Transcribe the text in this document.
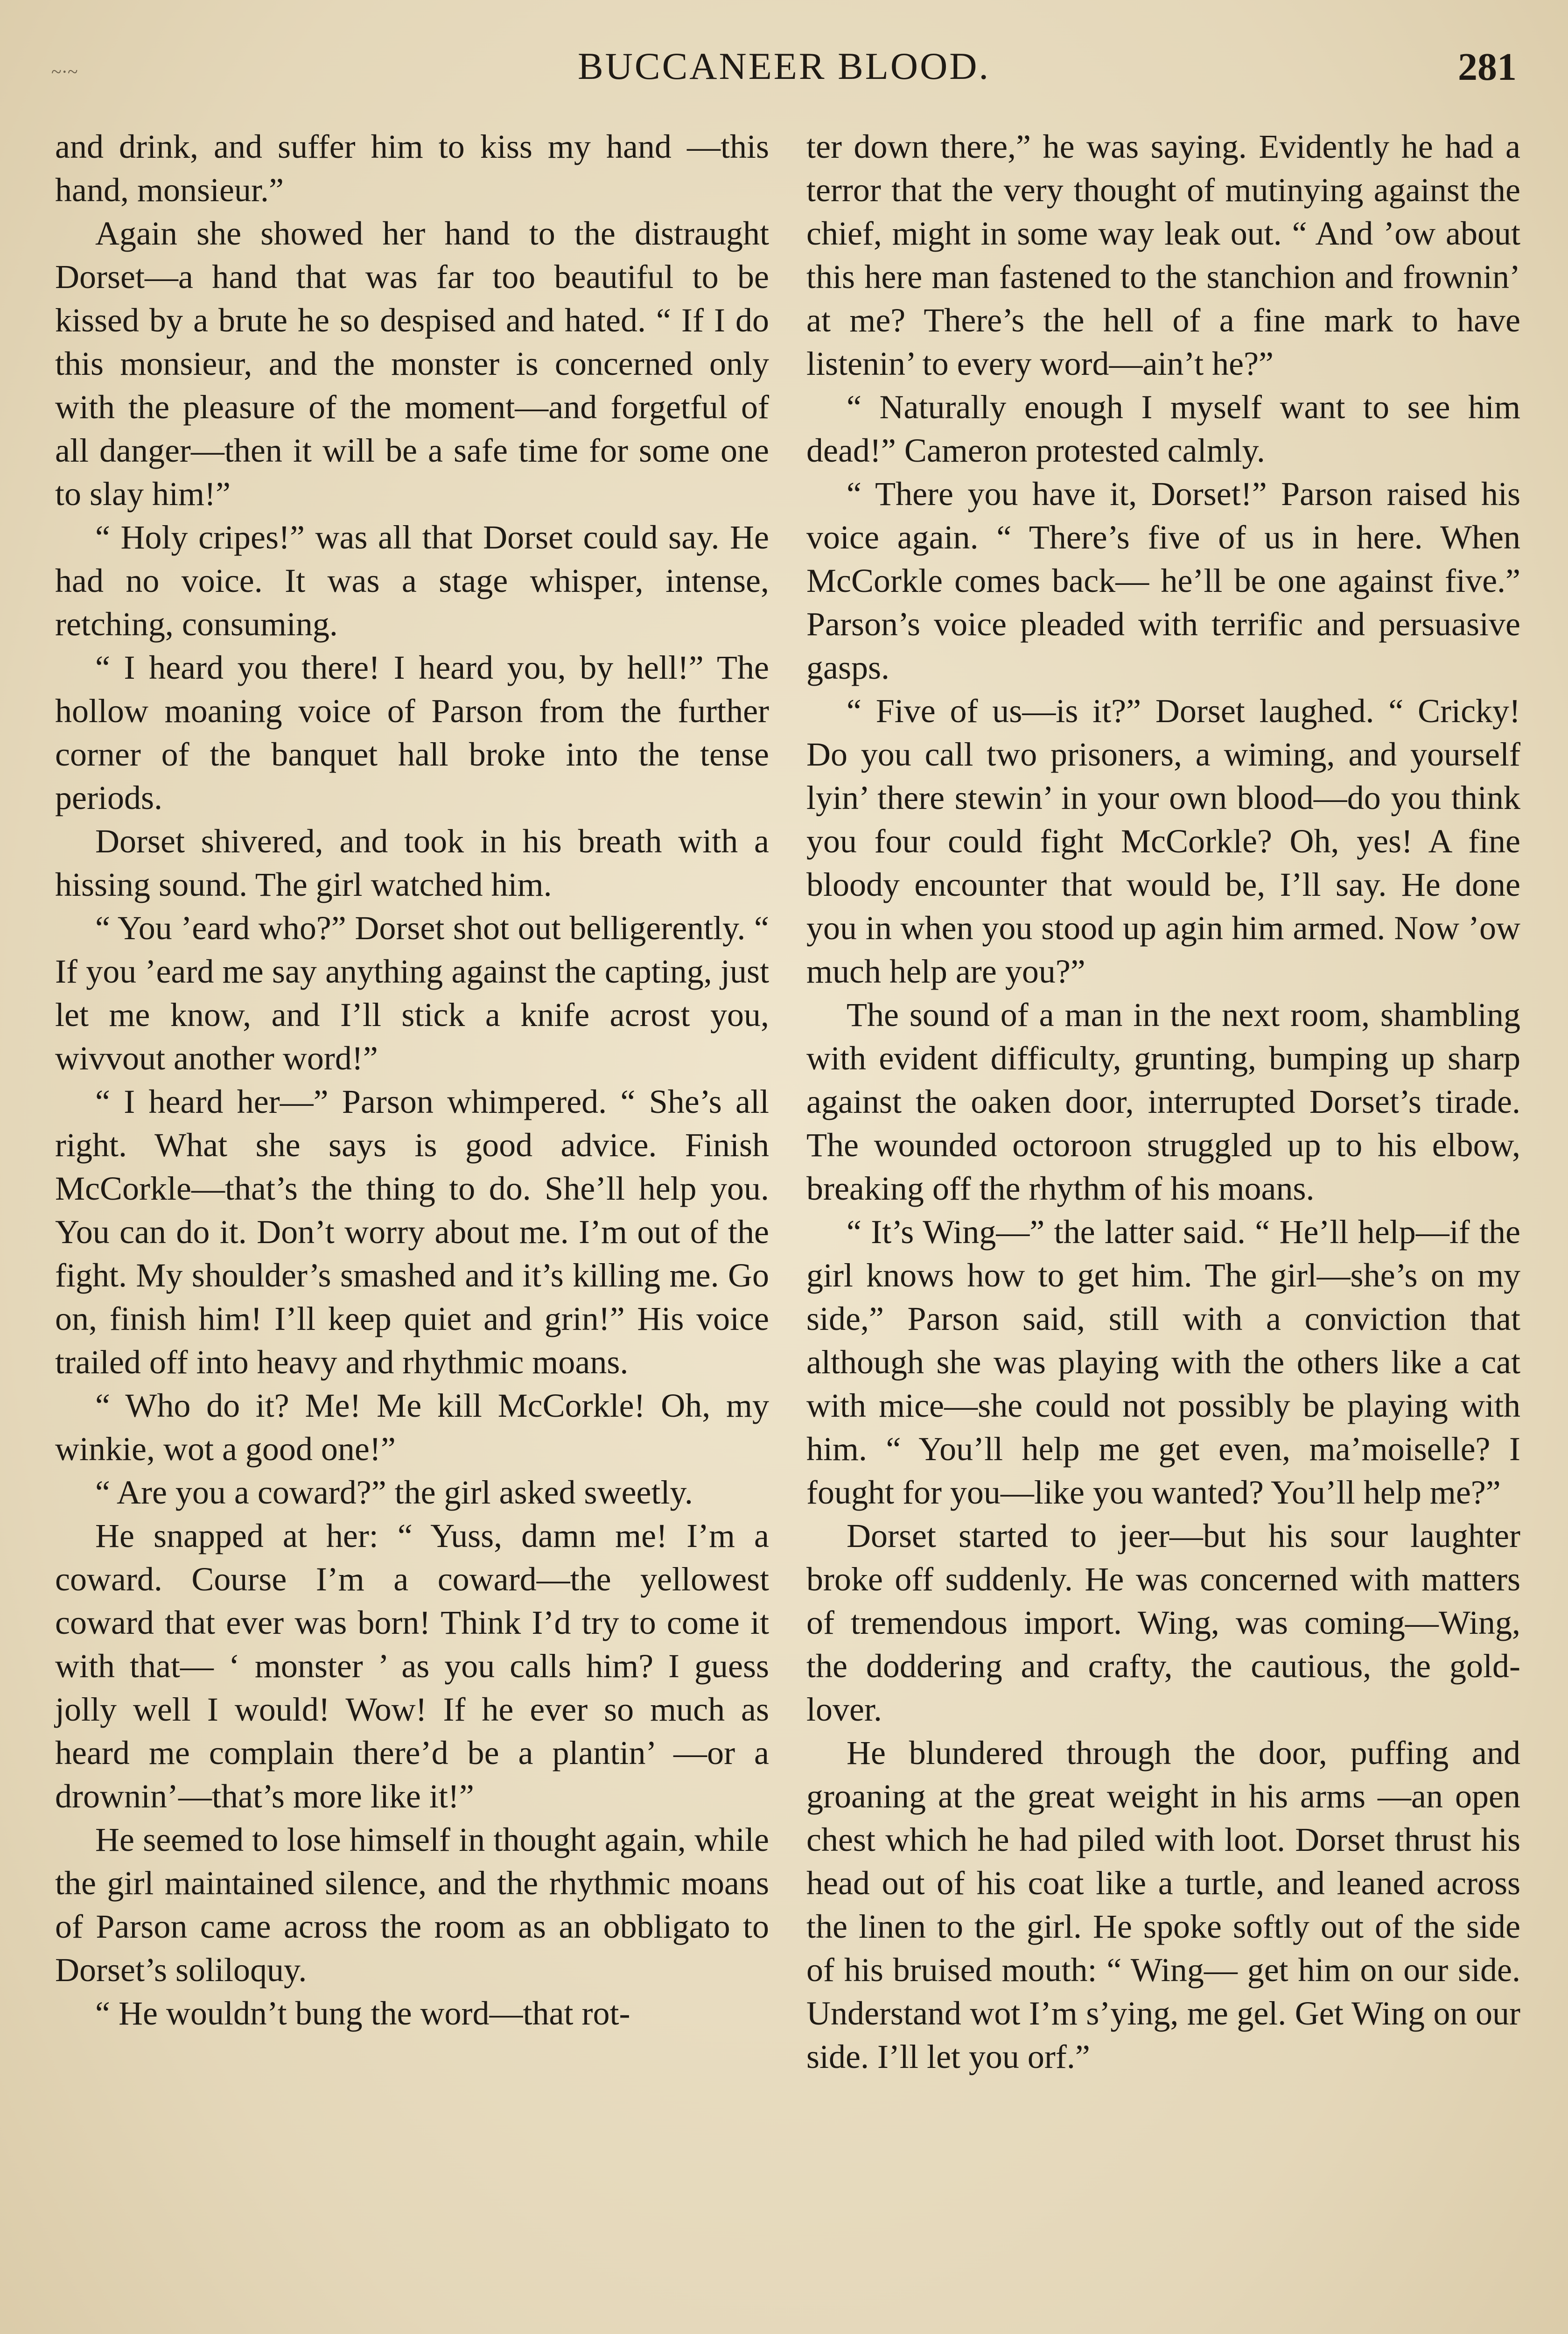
~·~	BUCCANEER BLOOD.	281

and drink, and suffer him to kiss my hand —this hand, monsieur.”

Again she showed her hand to the distraught Dorset—a hand that was far too beautiful to be kissed by a brute he so despised and hated. “ If I do this monsieur, and the monster is concerned only with the pleasure of the moment—and forgetful of all danger—then it will be a safe time for some one to slay him!”

“ Holy cripes!” was all that Dorset could say. He had no voice. It was a stage whisper, intense, retching, consuming.

“ I heard you there! I heard you, by hell!” The hollow moaning voice of Parson from the further corner of the banquet hall broke into the tense periods.

Dorset shivered, and took in his breath with a hissing sound. The girl watched him.

“ You ’eard who?” Dorset shot out belligerently. “ If you ’eard me say anything against the capting, just let me know, and I’ll stick a knife acrost you, wivvout another word!”

“ I heard her—” Parson whimpered. “ She’s all right. What she says is good advice. Finish McCorkle—that’s the thing to do. She’ll help you. You can do it. Don’t worry about me. I’m out of the fight. My shoulder’s smashed and it’s killing me. Go on, finish him! I’ll keep quiet and grin!” His voice trailed off into heavy and rhythmic moans.

“ Who do it? Me! Me kill McCorkle! Oh, my winkie, wot a good one!”

“ Are you a coward?” the girl asked sweetly.

He snapped at her: “ Yuss, damn me! I’m a coward. Course I’m a coward—the yellowest coward that ever was born! Think I’d try to come it with that— ‘ monster ’ as you calls him? I guess jolly well I would! Wow! If he ever so much as heard me complain there’d be a plantin’ —or a drownin’—that’s more like it!”

He seemed to lose himself in thought again, while the girl maintained silence, and the rhythmic moans of Parson came across the room as an obbligato to Dorset’s soliloquy.

“ He wouldn’t bung the word—that rot-

ter down there,” he was saying. Evidently he had a terror that the very thought of mutinying against the chief, might in some way leak out. “ And ’ow about this here man fastened to the stanchion and frownin’ at me? There’s the hell of a fine mark to have listenin’ to every word—ain’t he?”

“ Naturally enough I myself want to see him dead!” Cameron protested calmly.

“ There you have it, Dorset!” Parson raised his voice again. “ There’s five of us in here. When McCorkle comes back— he’ll be one against five.” Parson’s voice pleaded with terrific and persuasive gasps.

“ Five of us—is it?” Dorset laughed. “ Cricky! Do you call two prisoners, a wiming, and yourself lyin’ there stewin’ in your own blood—do you think you four could fight McCorkle? Oh, yes! A fine bloody encounter that would be, I’ll say. He done you in when you stood up agin him armed. Now ’ow much help are you?”

The sound of a man in the next room, shambling with evident difficulty, grunting, bumping up sharp against the oaken door, interrupted Dorset’s tirade. The wounded octoroon struggled up to his elbow, breaking off the rhythm of his moans.

“ It’s Wing—” the latter said. “ He’ll help—if the girl knows how to get him. The girl—she’s on my side,” Parson said, still with a conviction that although she was playing with the others like a cat with mice—she could not possibly be playing with him. “ You’ll help me get even, ma’moiselle? I fought for you—like you wanted? You’ll help me?”

Dorset started to jeer—but his sour laughter broke off suddenly. He was concerned with matters of tremendous import. Wing, was coming—Wing, the doddering and crafty, the cautious, the gold-lover.

He blundered through the door, puffing and groaning at the great weight in his arms —an open chest which he had piled with loot. Dorset thrust his head out of his coat like a turtle, and leaned across the linen to the girl. He spoke softly out of the side of his bruised mouth: “ Wing— get him on our side. Understand wot I’m s’ying, me gel. Get Wing on our side. I’ll let you orf.”
